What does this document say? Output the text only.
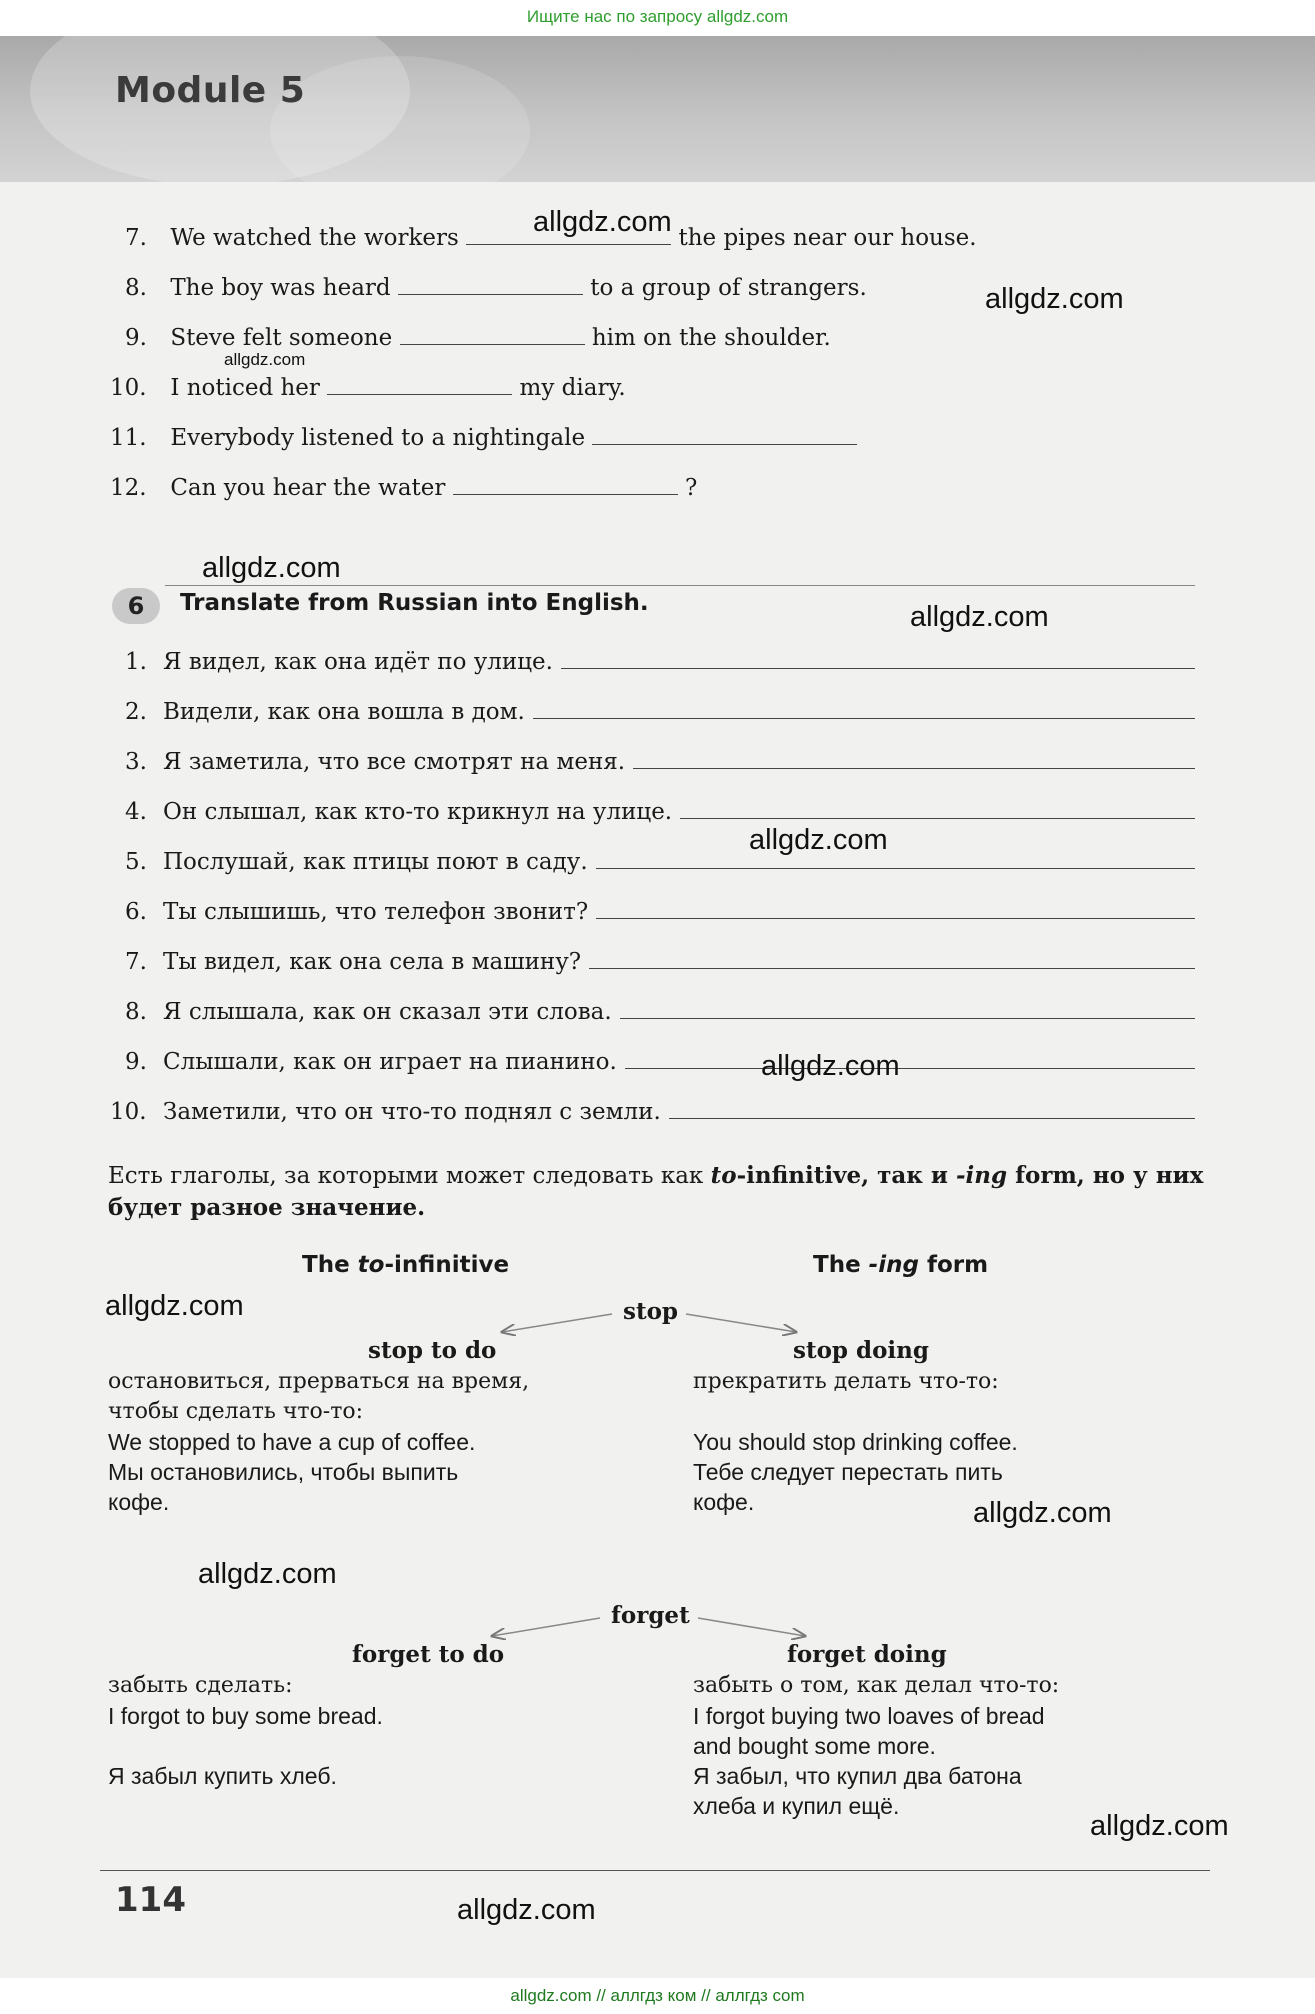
Ищите нас по запросу allgdz.com
Module 5
7. We watched the workers	the pipes near our house.
8. The boy was heard	to a group of strangers.
9. Steve felt someone	him on the shoulder.
10. I noticed her	my diary.
11. Everybody listened to a nightingale
12. Can you hear the water	?
6	Translate from Russian into English.
1. Я видел, как она идёт по улице.
2. Видели, как она вошла в дом.
3. Я заметила, что все смотрят на меня.
4. Он слышал, как кто-то крикнул на улице.
5. Послушай, как птицы поют в саду.
6. Ты слышишь, что телефон звонит?
7. Ты видел, как она села в машину?
8. Я слышала, как он сказал эти слова.
9. Слышали, как он играет на пианино.
10. Заметили, что он что-то поднял с земли.
Есть глаголы, за которыми может следовать как to-infinitive, так и -ing form, но у них будет разное значение.
The to-infinitive	The -ing form
stop
stop to do	stop doing
остановиться, прерваться на время,
чтобы сделать что-то:
We stopped to have a cup of coffee.
Мы остановились, чтобы выпить
кофе.
прекратить делать что-то:
You should stop drinking coffee.
Тебе следует перестать пить
кофе.
forget
forget to do	forget doing
забыть сделать:
I forgot to buy some bread.
Я забыл купить хлеб.
забыть о том, как делал что-то:
I forgot buying two loaves of bread
and bought some more.
Я забыл, что купил два батона
хлеба и купил ещё.
allgdz.com
allgdz.com
allgdz.com
allgdz.com
allgdz.com
allgdz.com
allgdz.com
allgdz.com
allgdz.com
allgdz.com
allgdz.com
allgdz.com
114
allgdz.com // аллгдз ком // аллгдз com
